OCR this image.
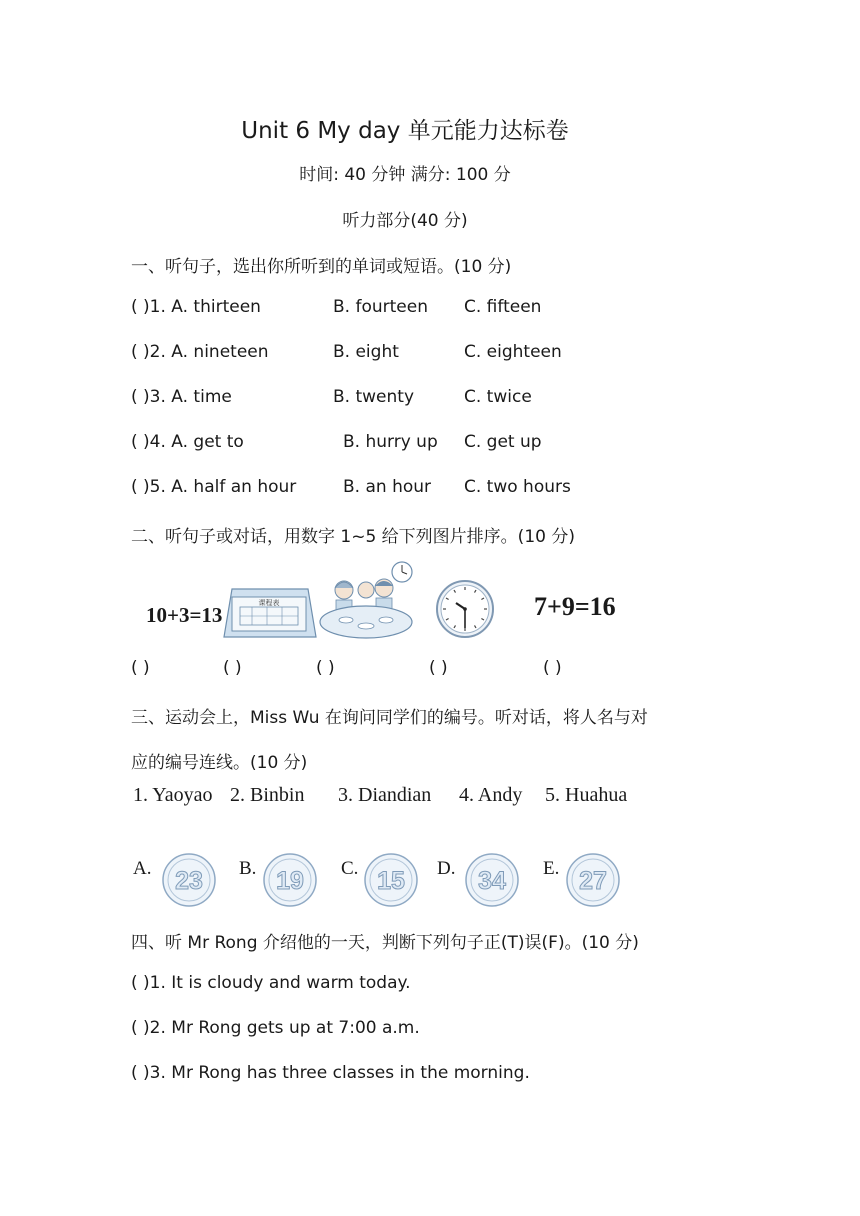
Unit 6 My day 单元能力达标卷
时间: 40 分钟 满分: 100 分
听力部分(40 分)
一、听句子，选出你所听到的单词或短语。(10 分)
( )1. A. thirteen	B. fourteen C. fifteen
( )2. A. nineteen	B. eight	C. eighteen
( )3. A. time	B. twenty	C. twice
( )4. A. get to	B. hurry up C. get up
( )5. A. half an hour	B. an hour C. two hours
二、听句子或对话，用数字 1~5 给下列图片排序。(10 分)
10+3=13	课程表	7+9=16
( )	( )	( )	( )	( )
三、运动会上，Miss Wu 在询问同学们的编号。听对话，将人名与对
应的编号连线。(10 分)
1. Yaoyao 2. Binbin 3. Diandian 4. Andy 5. Huahua
A. 23 B. 19 C. 15 D. 34 E. 27
四、听 Mr Rong 介绍他的一天，判断下列句子正(T)误(F)。(10 分)
( )1. It is cloudy and warm today.
( )2. Mr Rong gets up at 7:00 a.m.
( )3. Mr Rong has three classes in the morning.
